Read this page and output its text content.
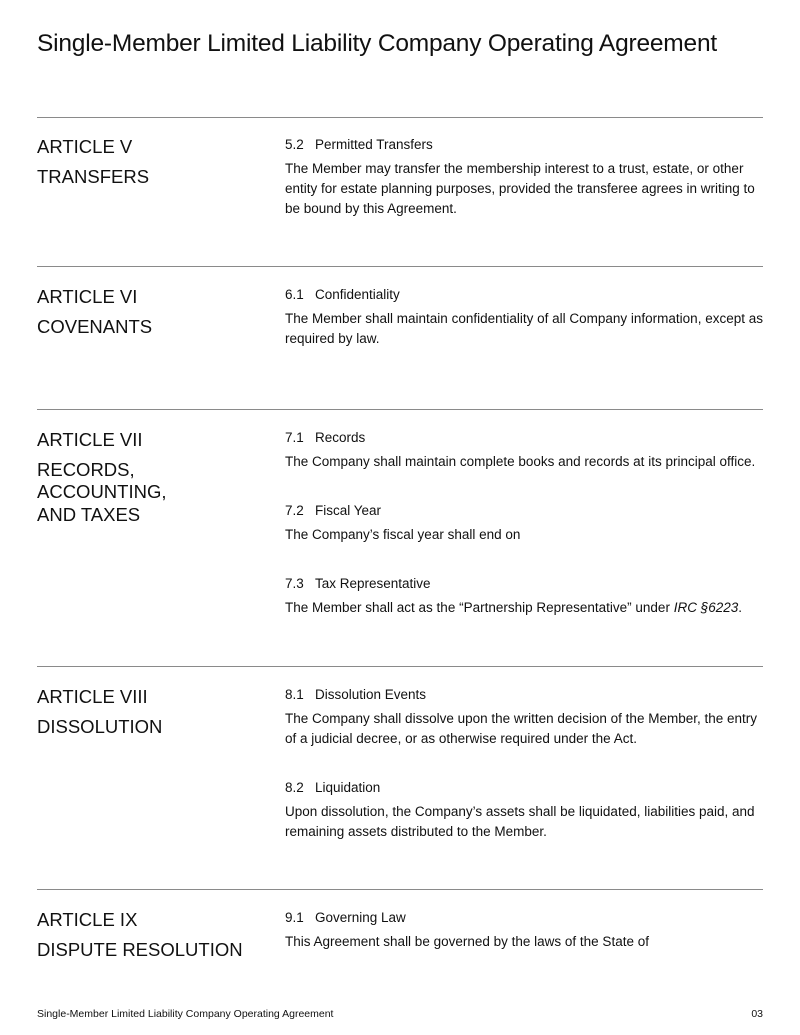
Single-Member Limited Liability Company Operating Agreement
ARTICLE V
TRANSFERS
5.2 Permitted Transfers
The Member may transfer the membership interest to a trust, estate, or other
entity for estate planning purposes, provided the transferee agrees in writing to
be bound by this Agreement.
ARTICLE VI
COVENANTS
6.1 Confidentiality
The Member shall maintain confidentiality of all Company information, except as
required by law.
ARTICLE VII
RECORDS,
ACCOUNTING,
AND TAXES
7.1 Records
The Company shall maintain complete books and records at its principal office.
7.2 Fiscal Year
The Company’s fiscal year shall end on
7.3 Tax Representative
The Member shall act as the “Partnership Representative” under IRC §6223.
ARTICLE VIII
DISSOLUTION
8.1 Dissolution Events
The Company shall dissolve upon the written decision of the Member, the entry
of a judicial decree, or as otherwise required under the Act.
8.2 Liquidation
Upon dissolution, the Company’s assets shall be liquidated, liabilities paid, and
remaining assets distributed to the Member.
ARTICLE IX
DISPUTE RESOLUTION
9.1 Governing Law
This Agreement shall be governed by the laws of the State of
Single-Member Limited Liability Company Operating Agreement	03
